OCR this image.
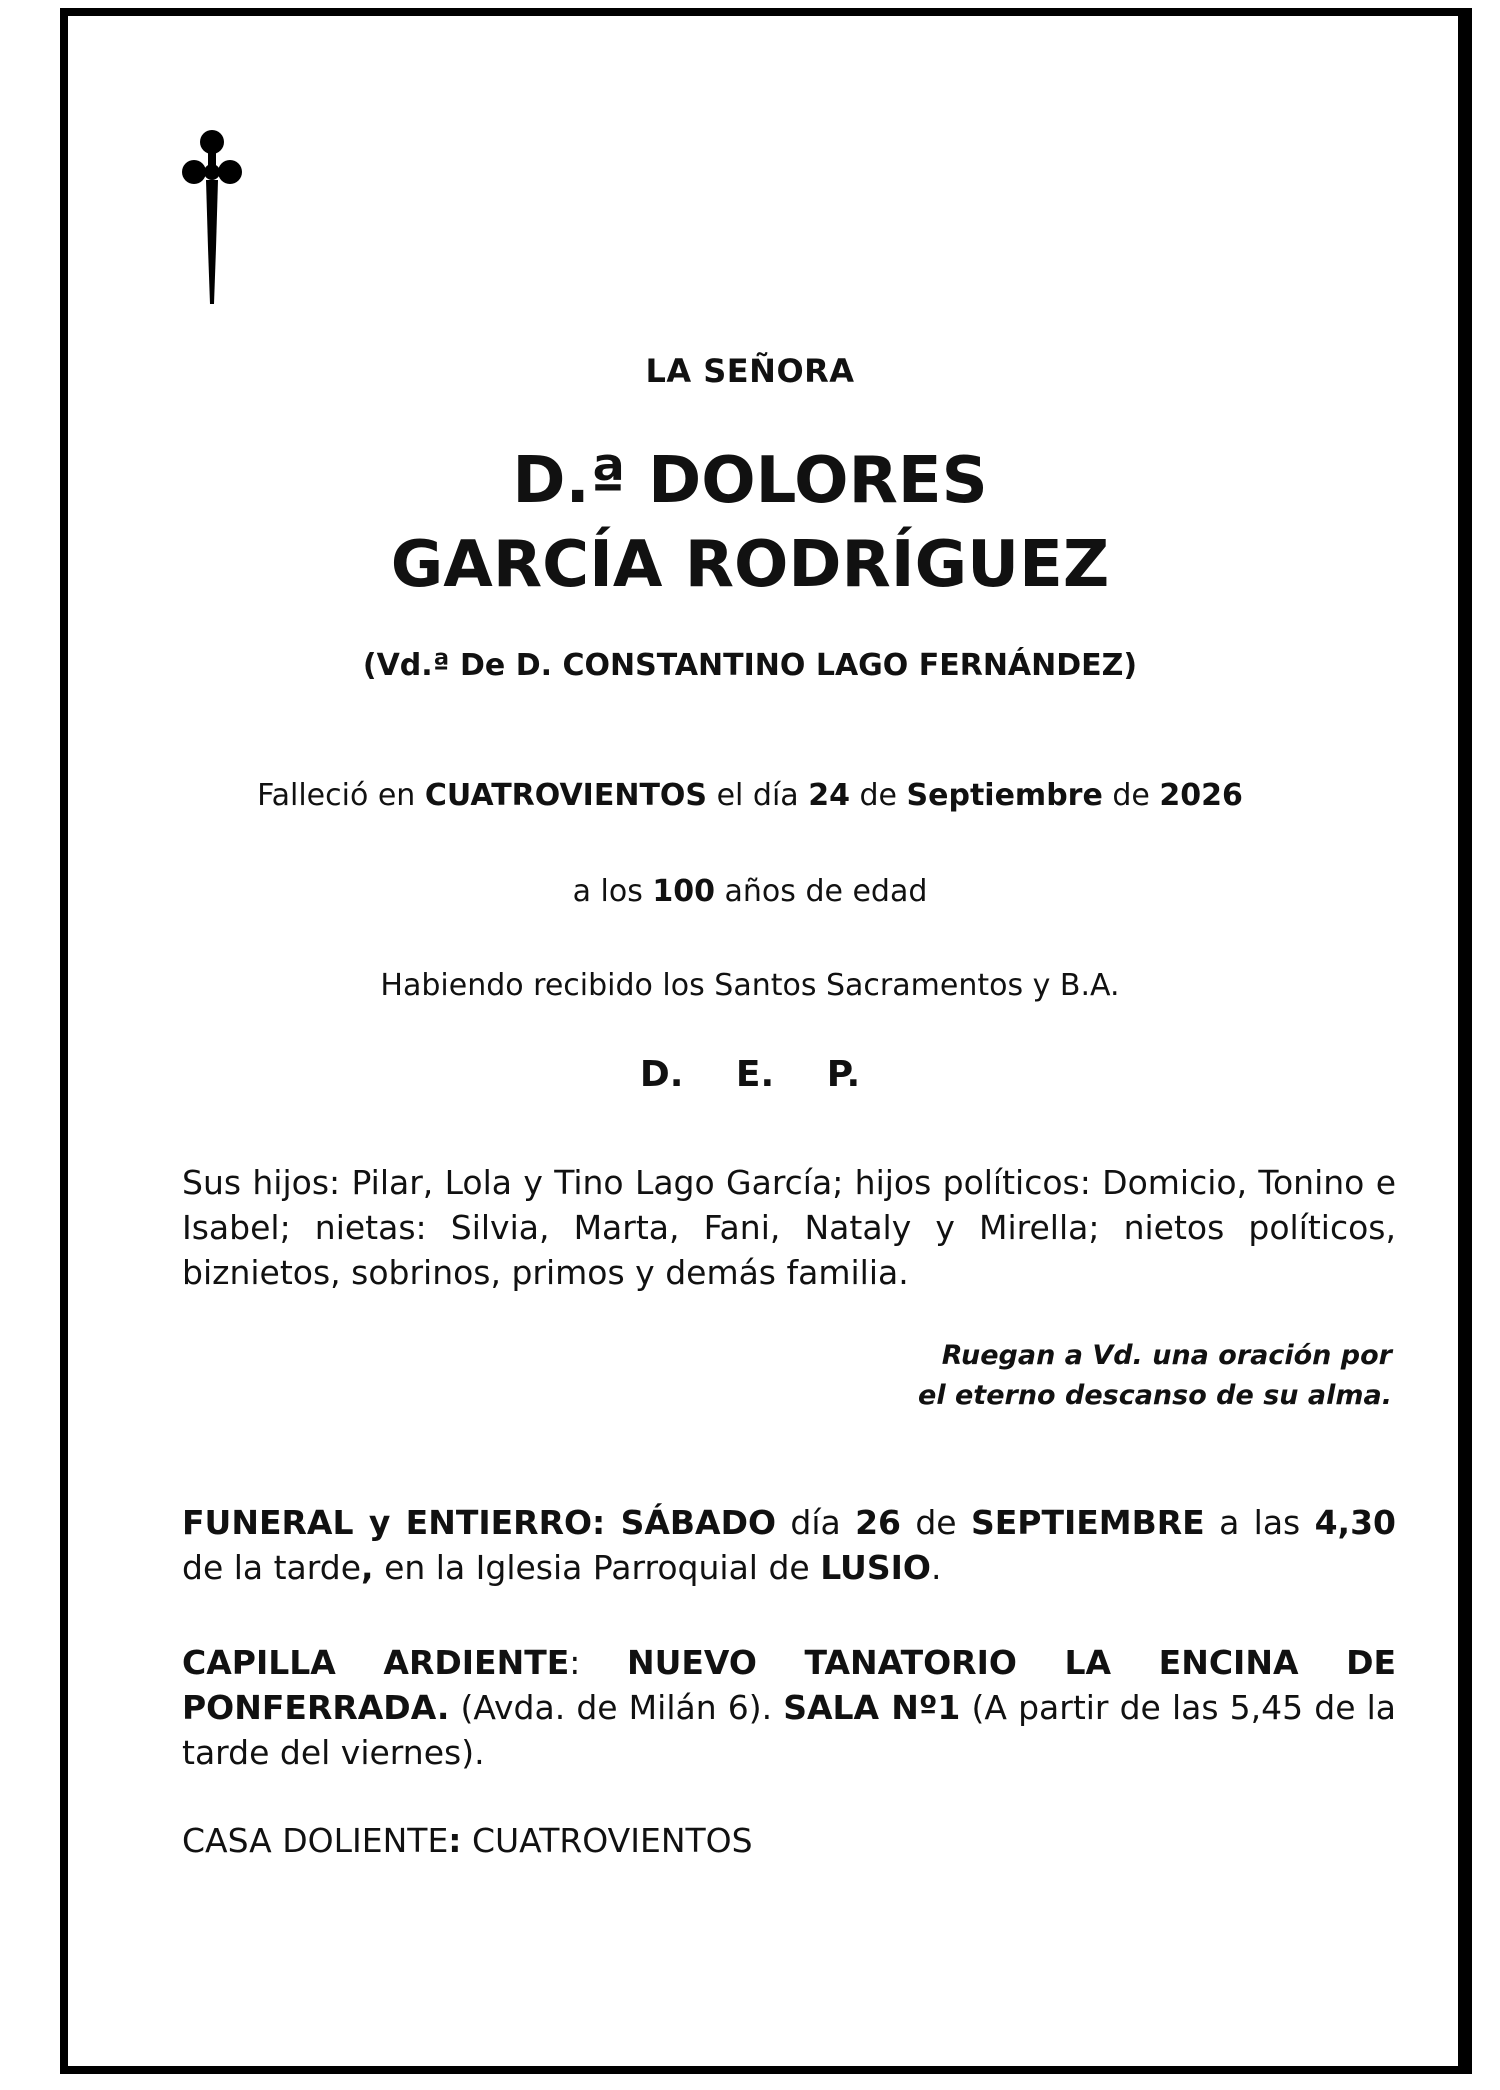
LA SEÑORA
D.ª DOLORES
GARCÍA RODRÍGUEZ
(Vd.ª De D. CONSTANTINO LAGO FERNÁNDEZ)
Falleció en CUATROVIENTOS el día 24 de Septiembre de 2026
a los 100 años de edad
Habiendo recibido los Santos Sacramentos y B.A.
D. E. P.
Sus hijos: Pilar, Lola y Tino Lago García; hijos políticos: Domicio, Tonino e Isabel; nietas: Silvia, Marta, Fani, Nataly y Mirella; nietos políticos, biznietos, sobrinos, primos y demás familia.
Ruegan a Vd. una oración por
el eterno descanso de su alma.
FUNERAL y ENTIERRO: SÁBADO día 26 de SEPTIEMBRE a las 4,30 de la tarde, en la Iglesia Parroquial de LUSIO.
CAPILLA ARDIENTE: NUEVO TANATORIO LA ENCINA DE PONFERRADA. (Avda. de Milán 6). SALA Nº1 (A partir de las 5,45 de la tarde del viernes).
CASA DOLIENTE: CUATROVIENTOS
